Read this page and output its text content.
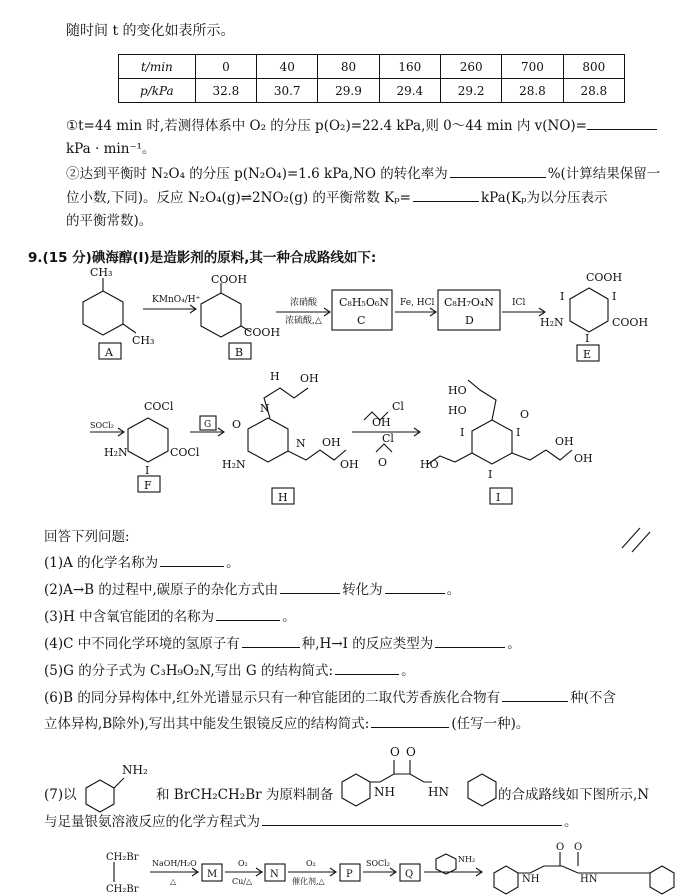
随时间 t 的变化如表所示。
t/min	0	40	80	160	260	700	800
p/kPa	32.8	30.7	29.9	29.4	29.2	28.8	28.8
①t=44 min 时,若测得体系中 O₂ 的分压 p(O₂)=22.4 kPa,则 0～44 min 内 v(NO)=
kPa · min⁻¹。
②达到平衡时 N₂O₄ 的分压 p(N₂O₄)=1.6 kPa,NO 的转化率为	%(计算结果保留一
位小数,下同)。反应 N₂O₄(g)⇌2NO₂(g) 的平衡常数 Kₚ=	kPa(Kₚ为以分压表示
的平衡常数)。
9.(15 分)碘海醇(I)是造影剂的原料,其一种合成路线如下:
CH₃
CH₃
A
KMnO₄/H⁺
COOH
COOH
B
浓硝酸
浓硫酸,△
C₈H₅O₆N
C
Fe, HCl C₈H₇O₄N
D
ICl
COOH
I	I
H₂N	COOH
I
E
SOCl₂
COCl
H₂N	COCl
I
F
G
H
N
OH
O
H₂N
N OH
OH
H
Cl
OH
Cl
O
HO
HO	O
I	I
OH
HO	OH
I
I
NH₂
NH	HN
O O
CH₂Br
CH₂Br
NaOH/H₂O
△
M
O₂
Cu/△
N
O₂
催化剂,△
P
SOCl₂
Q
NH₂
NH	HN
O O
回答下列问题:
(1)A 的化学名称为	。
(2)A→B 的过程中,碳原子的杂化方式由	转化为	。
(3)H 中含氧官能团的名称为	。
(4)C 中不同化学环境的氢原子有	种,H→I 的反应类型为	。
(5)G 的分子式为 C₃H₉O₂N,写出 G 的结构简式:	。
(6)B 的同分异构体中,红外光谱显示只有一种官能团的二取代芳香族化合物有	种(不含
立体异构,B除外),写出其中能发生银镜反应的结构简式:	(任写一种)。
(7)以	和 BrCH₂CH₂Br 为原料制备	的合成路线如下图所示,N
与足量银氨溶液反应的化学方程式为	。
